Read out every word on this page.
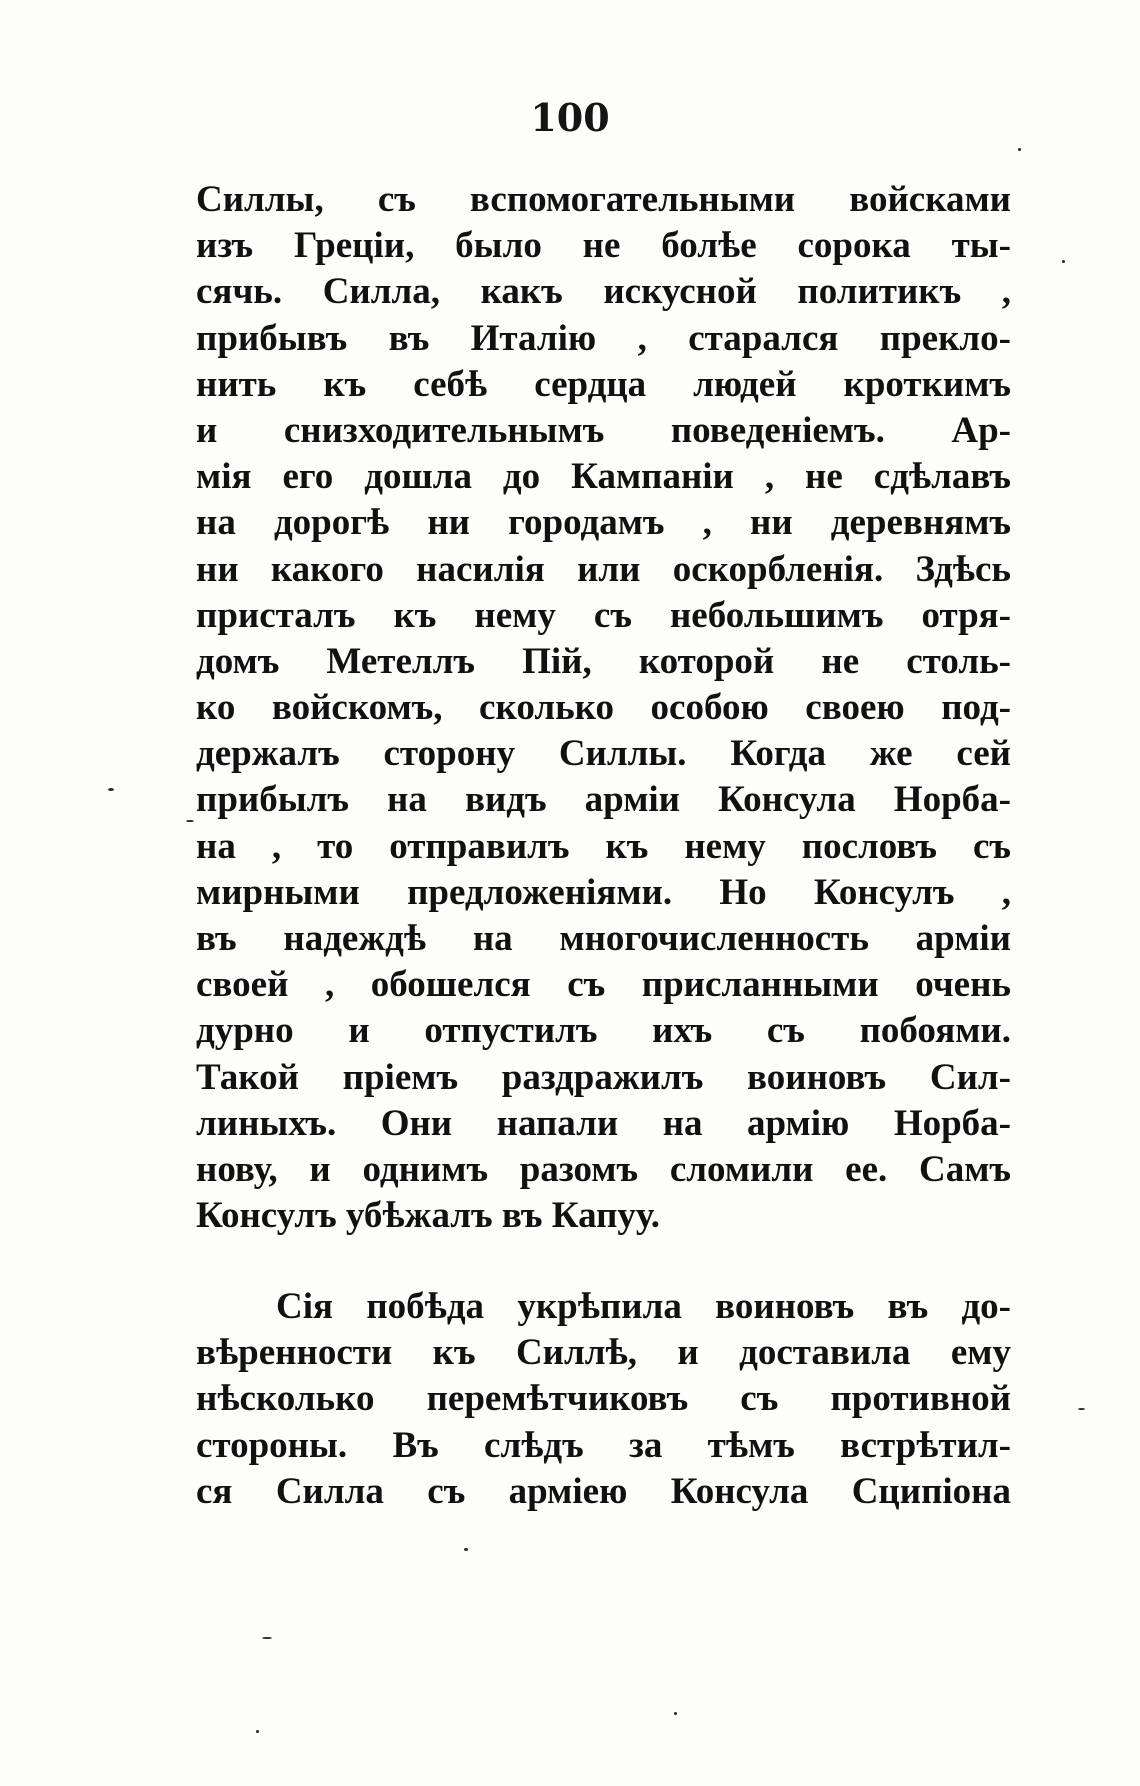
100
Силлы, съ вспомогательными войсками
изъ Греціи, было не болѣе сорока ты-
сячь. Силла, какъ искусной политикъ ,
прибывъ въ Италію , старался прекло-
нить къ себѣ сердца людей кроткимъ
и снизходительнымъ поведеніемъ. Ар-
мія его дошла до Кампаніи , не сдѣлавъ
на дорогѣ ни городамъ , ни деревнямъ
ни какого насилія или оскорбленія. Здѣсь
присталъ къ нему съ небольшимъ отря-
домъ Метеллъ Пій, которой не столь-
ко войскомъ, сколько особою своею под-
держалъ сторону Силлы. Когда же сей
прибылъ на видъ арміи Консула Норба-
на , то отправилъ къ нему пословъ съ
мирными предложеніями. Но Консулъ ,
въ надеждѣ на многочисленность арміи
своей , обошелся съ присланными очень
дурно и отпустилъ ихъ съ побоями.
Такой пріемъ раздражилъ воиновъ Сил-
линыхъ. Они напали на армію Норба-
нову, и однимъ разомъ сломили ее. Самъ
Консулъ убѣжалъ въ Капуу.
Сія побѣда укрѣпила воиновъ въ до-
вѣренности къ Силлѣ, и доставила ему
нѣсколько перемѣтчиковъ съ противной
стороны. Въ слѣдъ за тѣмъ встрѣтил-
ся Силла съ арміею Консула Сципіона
